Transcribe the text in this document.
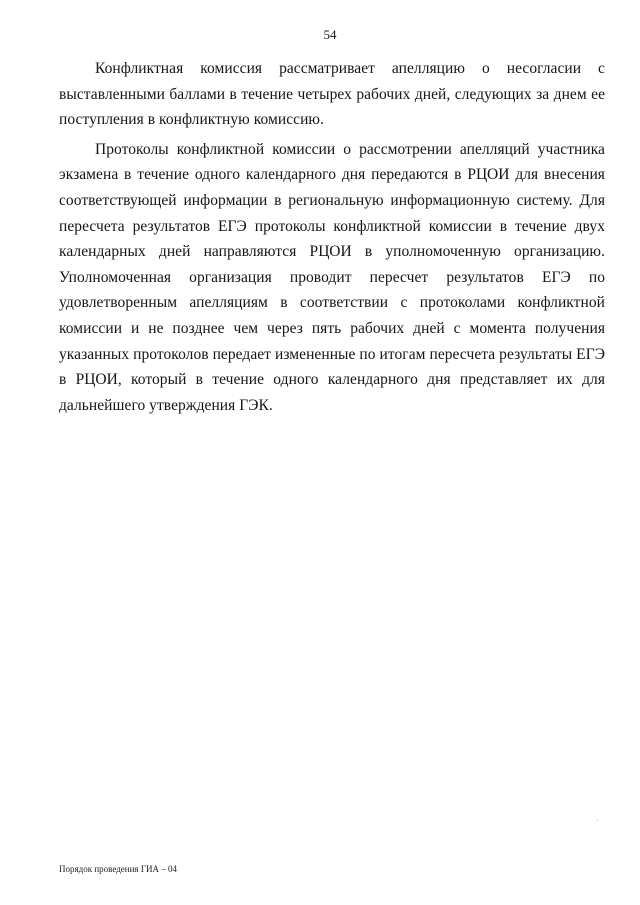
54

Конфликтная комиссия рассматривает апелляцию о несогласии с выставленными баллами в течение четырех рабочих дней, следующих за днем ее поступления в конфликтную комиссию.

Протоколы конфликтной комиссии о рассмотрении апелляций участника экзамена в течение одного календарного дня передаются в РЦОИ для внесения соответствующей информации в региональную информационную систему. Для пересчета результатов ЕГЭ протоколы конфликтной комиссии в течение двух календарных дней направляются РЦОИ в уполномоченную организацию. Уполномоченная организация проводит пересчет результатов ЕГЭ по удовлетворенным апелляциям в соответствии с протоколами конфликтной комиссии и не позднее чем через пять рабочих дней с момента получения указанных протоколов передает измененные по итогам пересчета результаты ЕГЭ в РЦОИ, который в течение одного календарного дня представляет их для дальнейшего утверждения ГЭК.

Порядок проведения ГИА – 04
